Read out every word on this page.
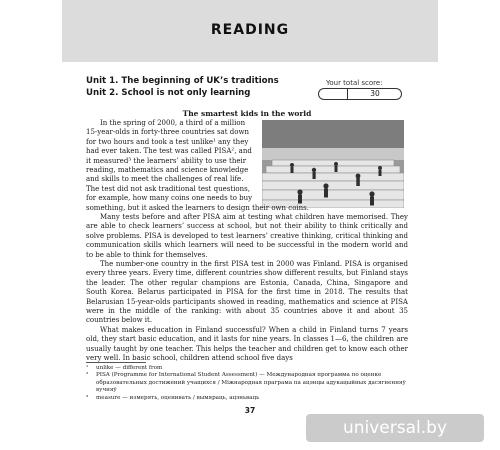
READING
Unit 1. The beginning of UK’s traditions
Unit 2. School is not only learning
Your total score:
30
The smartest kids in the world
In the spring of 2000, a third of a million
15-year-olds in forty-three countries sat down
for two hours and took a test unlike¹ any they
had ever taken. The test was called PISA², and
it measured³ the learners’ ability to use their
reading, mathematics and science knowledge
and skills to meet the challenges of real life.
The test did not ask traditional test questions,
for example, how many coins one needs to buy
something, but it asked the learners to design their own coins.

Many tests before and after PISA aim at testing what children have memorised. They are able to check learners’ success at school, but not their ability to think critically and solve problems. PISA is developed to test learners’ creative thinking, critical thinking and communication skills which learners will need to be successful in the modern world and to be able to think for themselves.

The number-one country in the first PISA test in 2000 was Finland. PISA is organised every three years. Every time, different countries show different results, but Finland stays the leader. The other regular champions are Estonia, Canada, China, Singapore and South Korea. Belarus participated in PISA for the first time in 2018. The results that Belarusian 15-year-olds participants showed in reading, mathematics and science at PISA were in the middle of the ranking: with about 35 countries above it and about 35 countries below it.

What makes education in Finland successful? When a child in Finland turns 7 years old, they start basic education, and it lasts for nine years. In classes 1—6, the children are usually taught by one teacher. This helps the teacher and children get to know each other very well. In basic school, children attend school five days

¹	unlike — different from
²	PISA (Programme for International Student Assessment) — Международная программа по оценке образовательных достижений учащихся / Міжнародная праграма па ацэнцы адукацыйных дасягненняў вучняў
³	measure — измерять, оценивать / вымяраць, ацэньваць
37
universal.by
